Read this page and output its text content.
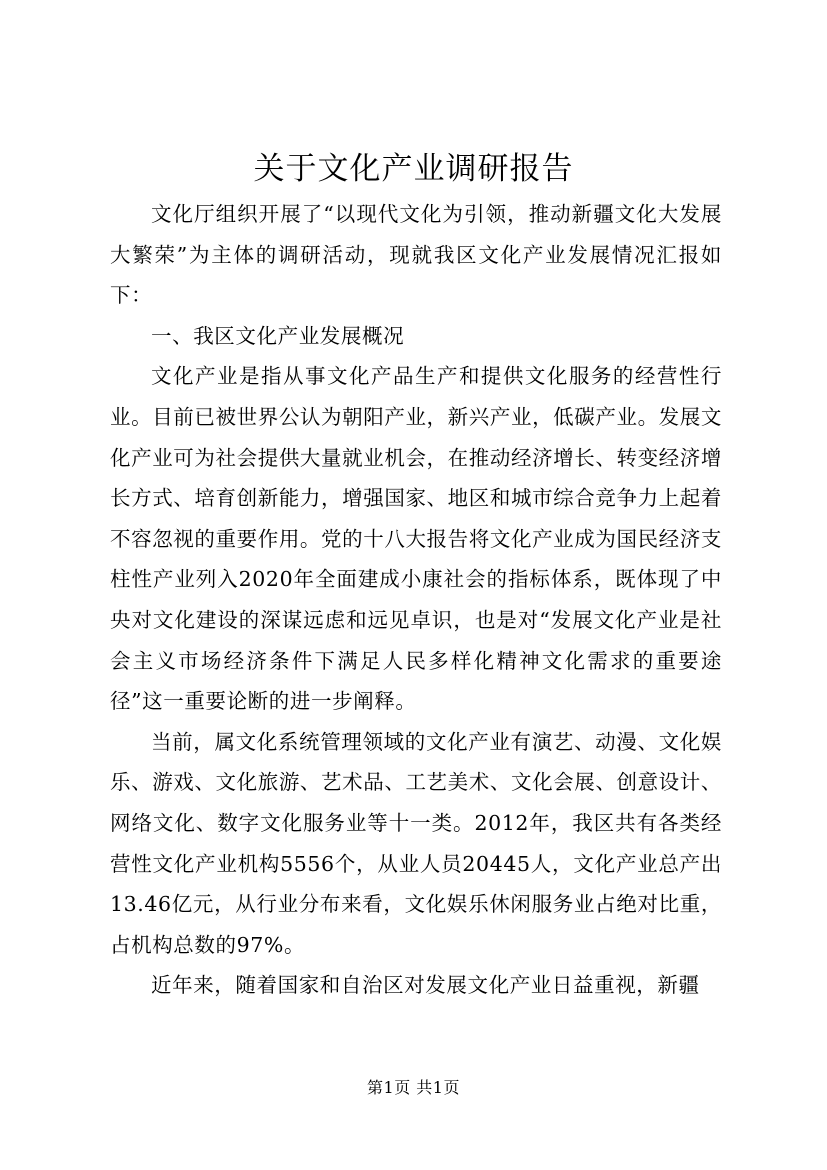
关于文化产业调研报告

文化厅组织开展了“以现代文化为引领，推动新疆文化大发展大繁荣”为主体的调研活动，现就我区文化产业发展情况汇报如下：

一、我区文化产业发展概况

文化产业是指从事文化产品生产和提供文化服务的经营性行业。目前已被世界公认为朝阳产业，新兴产业，低碳产业。发展文化产业可为社会提供大量就业机会，在推动经济增长、转变经济增长方式、培育创新能力，增强国家、地区和城市综合竞争力上起着不容忽视的重要作用。党的十八大报告将文化产业成为国民经济支柱性产业列入2020年全面建成小康社会的指标体系，既体现了中央对文化建设的深谋远虑和远见卓识，也是对“发展文化产业是社会主义市场经济条件下满足人民多样化精神文化需求的重要途径”这一重要论断的进一步阐释。

当前，属文化系统管理领域的文化产业有演艺、动漫、文化娱乐、游戏、文化旅游、艺术品、工艺美术、文化会展、创意设计、网络文化、数字文化服务业等十一类。2012年，我区共有各类经营性文化产业机构5556个，从业人员20445人，文化产业总产出13.46亿元，从行业分布来看，文化娱乐休闲服务业占绝对比重，占机构总数的97%。

近年来，随着国家和自治区对发展文化产业日益重视，新疆

第1页 共1页
